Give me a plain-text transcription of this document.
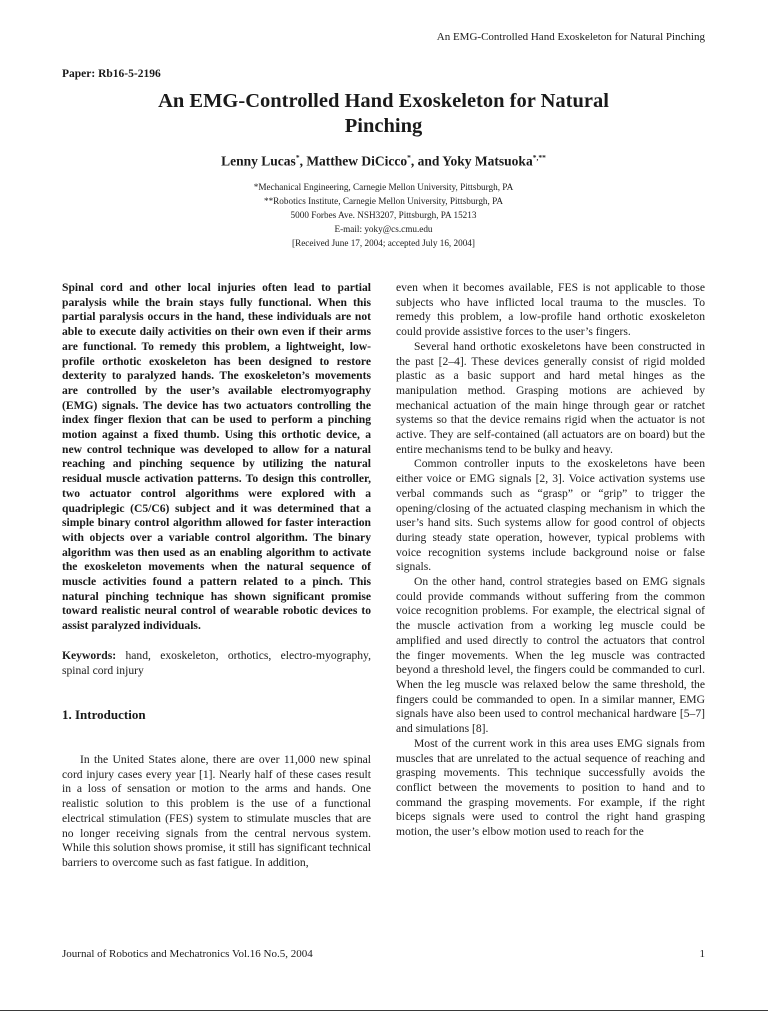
An EMG-Controlled Hand Exoskeleton for Natural Pinching
Paper: Rb16-5-2196
An EMG-Controlled Hand Exoskeleton for Natural
Pinching
Lenny Lucas*, Matthew DiCicco*, and Yoky Matsuoka*,**
*Mechanical Engineering, Carnegie Mellon University, Pittsburgh, PA
**Robotics Institute, Carnegie Mellon University, Pittsburgh, PA
5000 Forbes Ave. NSH3207, Pittsburgh, PA 15213
E-mail: yoky@cs.cmu.edu
[Received June 17, 2004; accepted July 16, 2004]

Spinal cord and other local injuries often lead to partial paralysis while the brain stays fully functional. When this partial paralysis occurs in the hand, these individuals are not able to execute daily activities on their own even if their arms are functional. To remedy this problem, a lightweight, low-profile orthotic exoskeleton has been designed to restore dexterity to paralyzed hands. The exoskeleton’s movements are controlled by the user’s available electromyography (EMG) signals. The device has two actuators controlling the index finger flexion that can be used to perform a pinching motion against a fixed thumb. Using this orthotic device, a new control technique was developed to allow for a natural reaching and pinching sequence by utilizing the natural residual muscle activation patterns. To design this controller, two actuator control algorithms were explored with a quadriplegic (C5/C6) subject and it was determined that a simple binary control algorithm allowed for faster interaction with objects over a variable control algorithm. The binary algorithm was then used as an enabling algorithm to activate the exoskeleton movements when the natural sequence of muscle activities found a pattern related to a pinch. This natural pinching technique has shown significant promise toward realistic neural control of wearable robotic devices to assist paralyzed individuals.

Keywords: hand, exoskeleton, orthotics, electro-myography, spinal cord injury

1. Introduction

In the United States alone, there are over 11,000 new spinal cord injury cases every year [1]. Nearly half of these cases result in a loss of sensation or motion to the arms and hands. One realistic solution to this problem is the use of a functional electrical stimulation (FES) system to stimulate muscles that are no longer receiving signals from the central nervous system. While this solution shows promise, it still has significant technical barriers to overcome such as fast fatigue. In addition,

even when it becomes available, FES is not applicable to those subjects who have inflicted local trauma to the muscles. To remedy this problem, a low-profile hand orthotic exoskeleton could provide assistive forces to the user’s fingers.

Several hand orthotic exoskeletons have been constructed in the past [2–4]. These devices generally consist of rigid molded plastic as a basic support and hard metal hinges as the manipulation method. Grasping motions are achieved by mechanical actuation of the main hinge through gear or ratchet systems so that the device remains rigid when the actuator is not active. They are self-contained (all actuators are on board) but the entire mechanisms tend to be bulky and heavy.

Common controller inputs to the exoskeletons have been either voice or EMG signals [2, 3]. Voice activation systems use verbal commands such as “grasp” or “grip” to trigger the opening/closing of the actuated clasping mechanism in which the user’s hand sits. Such systems allow for good control of objects during steady state operation, however, typical problems with voice recognition systems include background noise or false signals.

On the other hand, control strategies based on EMG signals could provide commands without suffering from the common voice recognition problems. For example, the electrical signal of the muscle activation from a working leg muscle could be amplified and used directly to control the actuators that control the finger movements. When the leg muscle was contracted beyond a threshold level, the fingers could be commanded to curl. When the leg muscle was relaxed below the same threshold, the fingers could be commanded to open. In a similar manner, EMG signals have also been used to control mechanical hardware [5–7] and simulations [8].

Most of the current work in this area uses EMG signals from muscles that are unrelated to the actual sequence of reaching and grasping movements. This technique successfully avoids the conflict between the movements to position to hand and to command the grasping movements. For example, if the right biceps signals were used to control the right hand grasping motion, the user’s elbow motion used to reach for the

Journal of Robotics and Mechatronics Vol.16 No.5, 2004	1
